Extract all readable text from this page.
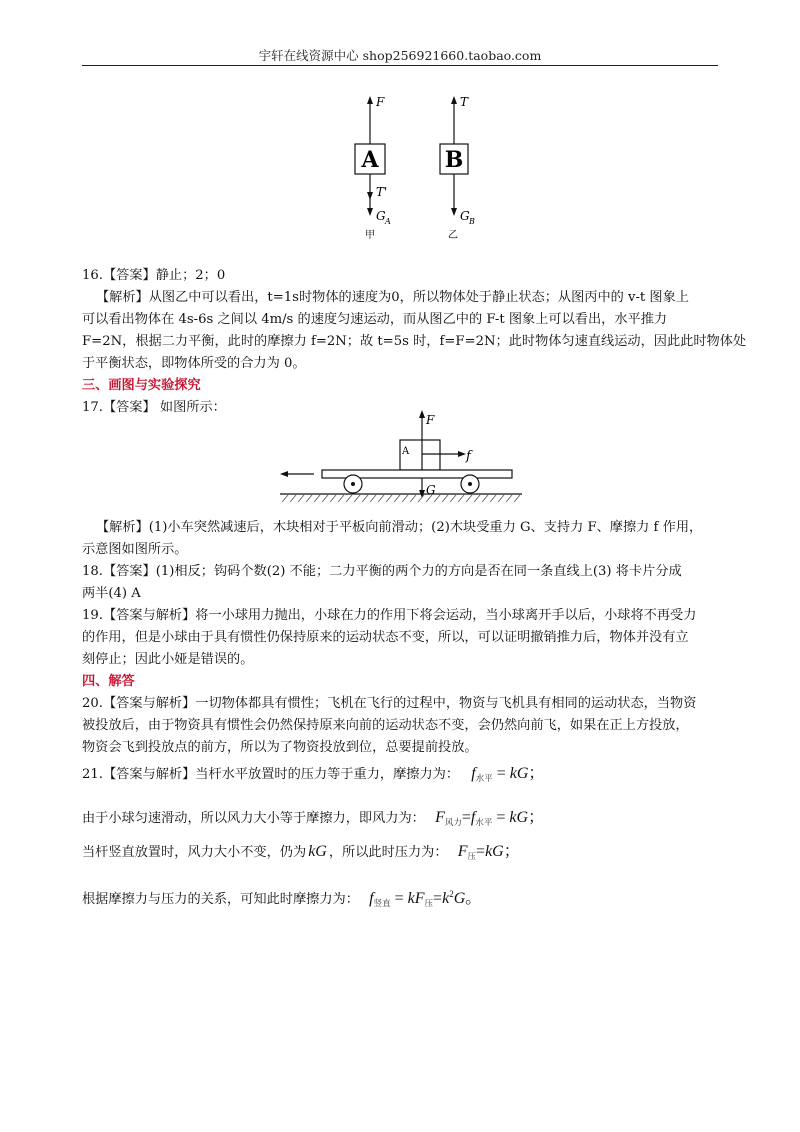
宇轩在线资源中心 shop256921660.taobao.com
A
F
T'
G A
甲
B
T
G B
乙
16.【答案】静止；2；0
【解析】从图乙中可以看出，t=1s时物体的速度为0，所以物体处于静止状态；从图丙中的 v-t 图象上
可以看出物体在 4s-6s 之间以 4m/s 的速度匀速运动，而从图乙中的 F-t 图象上可以看出，水平推力
F=2N，根据二力平衡，此时的摩擦力 f=2N；故 t=5s 时，f=F=2N；此时物体匀速直线运动，因此此时物体处
于平衡状态，即物体所受的合力为 0。
三、画图与实验探究
17.【答案】 如图所示：
F
G
A	f
【解析】(1)小车突然减速后，木块相对于平板向前滑动；(2)木块受重力 G、支持力 F、摩擦力 f 作用，
示意图如图所示。
18.【答案】(1)相反；钩码个数(2) 不能；二力平衡的两个力的方向是否在同一条直线上(3) 将卡片分成
两半(4) A
19.【答案与解析】将一小球用力抛出，小球在力的作用下将会运动，当小球离开手以后，小球将不再受力
的作用，但是小球由于具有惯性仍保持原来的运动状态不变，所以，可以证明撤销推力后，物体并没有立
刻停止；因此小娅是错误的。
四、解答
20.【答案与解析】一切物体都具有惯性；飞机在飞行的过程中，物资与飞机具有相同的运动状态，当物资
被投放后，由于物资具有惯性会仍然保持原来向前的运动状态不变，会仍然向前飞，如果在正上方投放，
物资会飞到投放点的前方，所以为了物资投放到位，总要提前投放。
21.【答案与解析】当杆水平放置时的压力等于重力，摩擦力为： $f_{水平}$ = kG；
由于小球匀速滑动，所以风力大小等于摩擦力，即风力为： $F_{风力}=f_{水平}$ = kG；
当杆竖直放置时，风力大小不变，仍为 kG ，所以此时压力为： $F_压=kG$；
根据摩擦力与压力的关系，可知此时摩擦力为： $f_{竖直} = kF_压=k^2G$。
